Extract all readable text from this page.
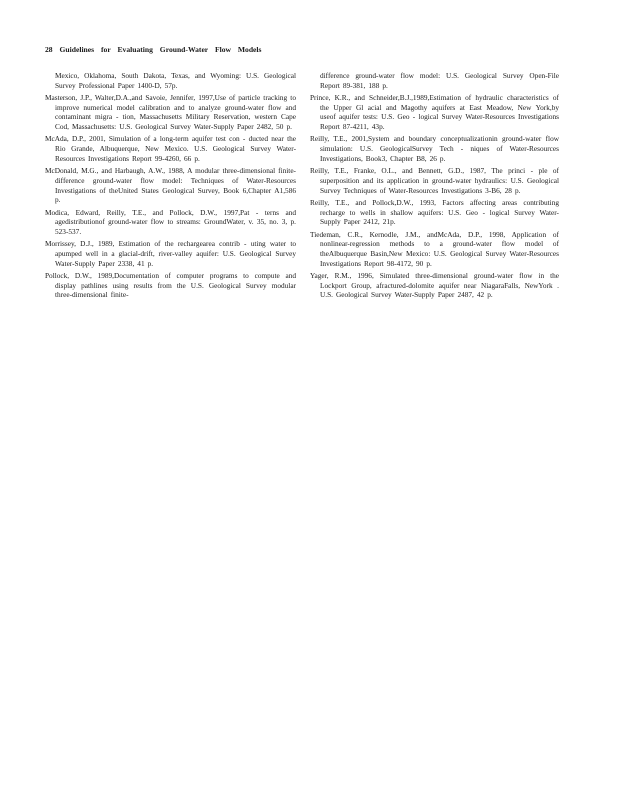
28 Guidelines for Evaluating Ground-Water Flow Models

Mexico, Oklahoma, South Dakota, Texas, and Wyoming: U.S. Geological Survey Professional Paper 1400-D, 57p.

Masterson, J.P., Walter,D.A.,and Savoie, Jennifer, 1997,Use of particle tracking to improve numerical model calibration and to analyze ground-water flow and contaminant migra - tion, Massachusetts Military Reservation, western Cape Cod, Massachusetts: U.S. Geological Survey Water-Supply Paper 2482, 50 p.

McAda, D.P., 2001, Simulation of a long-term aquifer test con - ducted near the Rio Grande, Albuquerque, New Mexico. U.S. Geological Survey Water-Resources Investigations Report 99-4260, 66 p.

McDonald, M.G., and Harbaugh, A.W., 1988, A modular three-dimensional finite-difference ground-water flow model: Techniques of Water-Resources Investigations of theUnited States Geological Survey, Book 6,Chapter A1,586 p.

Modica, Edward, Reilly, T.E., and Pollock, D.W., 1997,Pat - terns and agedistributionof ground-water flow to streams: GroundWater, v. 35, no. 3, p. 523-537.

Morrissey, D.J., 1989, Estimation of the rechargearea contrib - uting water to apumped well in a glacial-drift, river-valley aquifer: U.S. Geological Survey Water-Supply Paper 2338, 41 p.

Pollock, D.W., 1989,Documentation of computer programs to compute and display pathlines using results from the U.S. Geological Survey modular three-dimensional finite-

difference ground-water flow model: U.S. Geological Survey Open-File Report 89-381, 188 p.

Prince, K.R., and Schneider,B.J.,1989,Estimation of hydraulic characteristics of the Upper Gl acial and Magothy aquifers at East Meadow, New York,by useof aquifer tests: U.S. Geo - logical Survey Water-Resources Investigations Report 87-4211, 43p.

Reilly, T.E., 2001,System and boundary conceptualizationin ground-water flow simulation: U.S. GeologicalSurvey Tech - niques of Water-Resources Investigations, Book3, Chapter B8, 26 p.

Reilly, T.E., Franke, O.L., and Bennett, G.D., 1987, The princi - ple of superposition and its application in ground-water hydraulics: U.S. Geological Survey Techniques of Water-Resources Investigations 3-B6, 28 p.

Reilly, T.E., and Pollock,D.W., 1993, Factors affecting areas contributing recharge to wells in shallow aquifers: U.S. Geo - logical Survey Water-Supply Paper 2412, 21p.

Tiedeman, C.R., Kernodle, J.M., andMcAda, D.P., 1998, Application of nonlinear-regression methods to a ground-water flow model of theAlbuquerque Basin,New Mexico: U.S. Geological Survey Water-Resources Investigations Report 98-4172, 90 p.

Yager, R.M., 1996, Simulated three-dimensional ground-water flow in the Lockport Group, afractured-dolomite aquifer near NiagaraFalls, NewYork . U.S. Geological Survey Water-Supply Paper 2487, 42 p.
